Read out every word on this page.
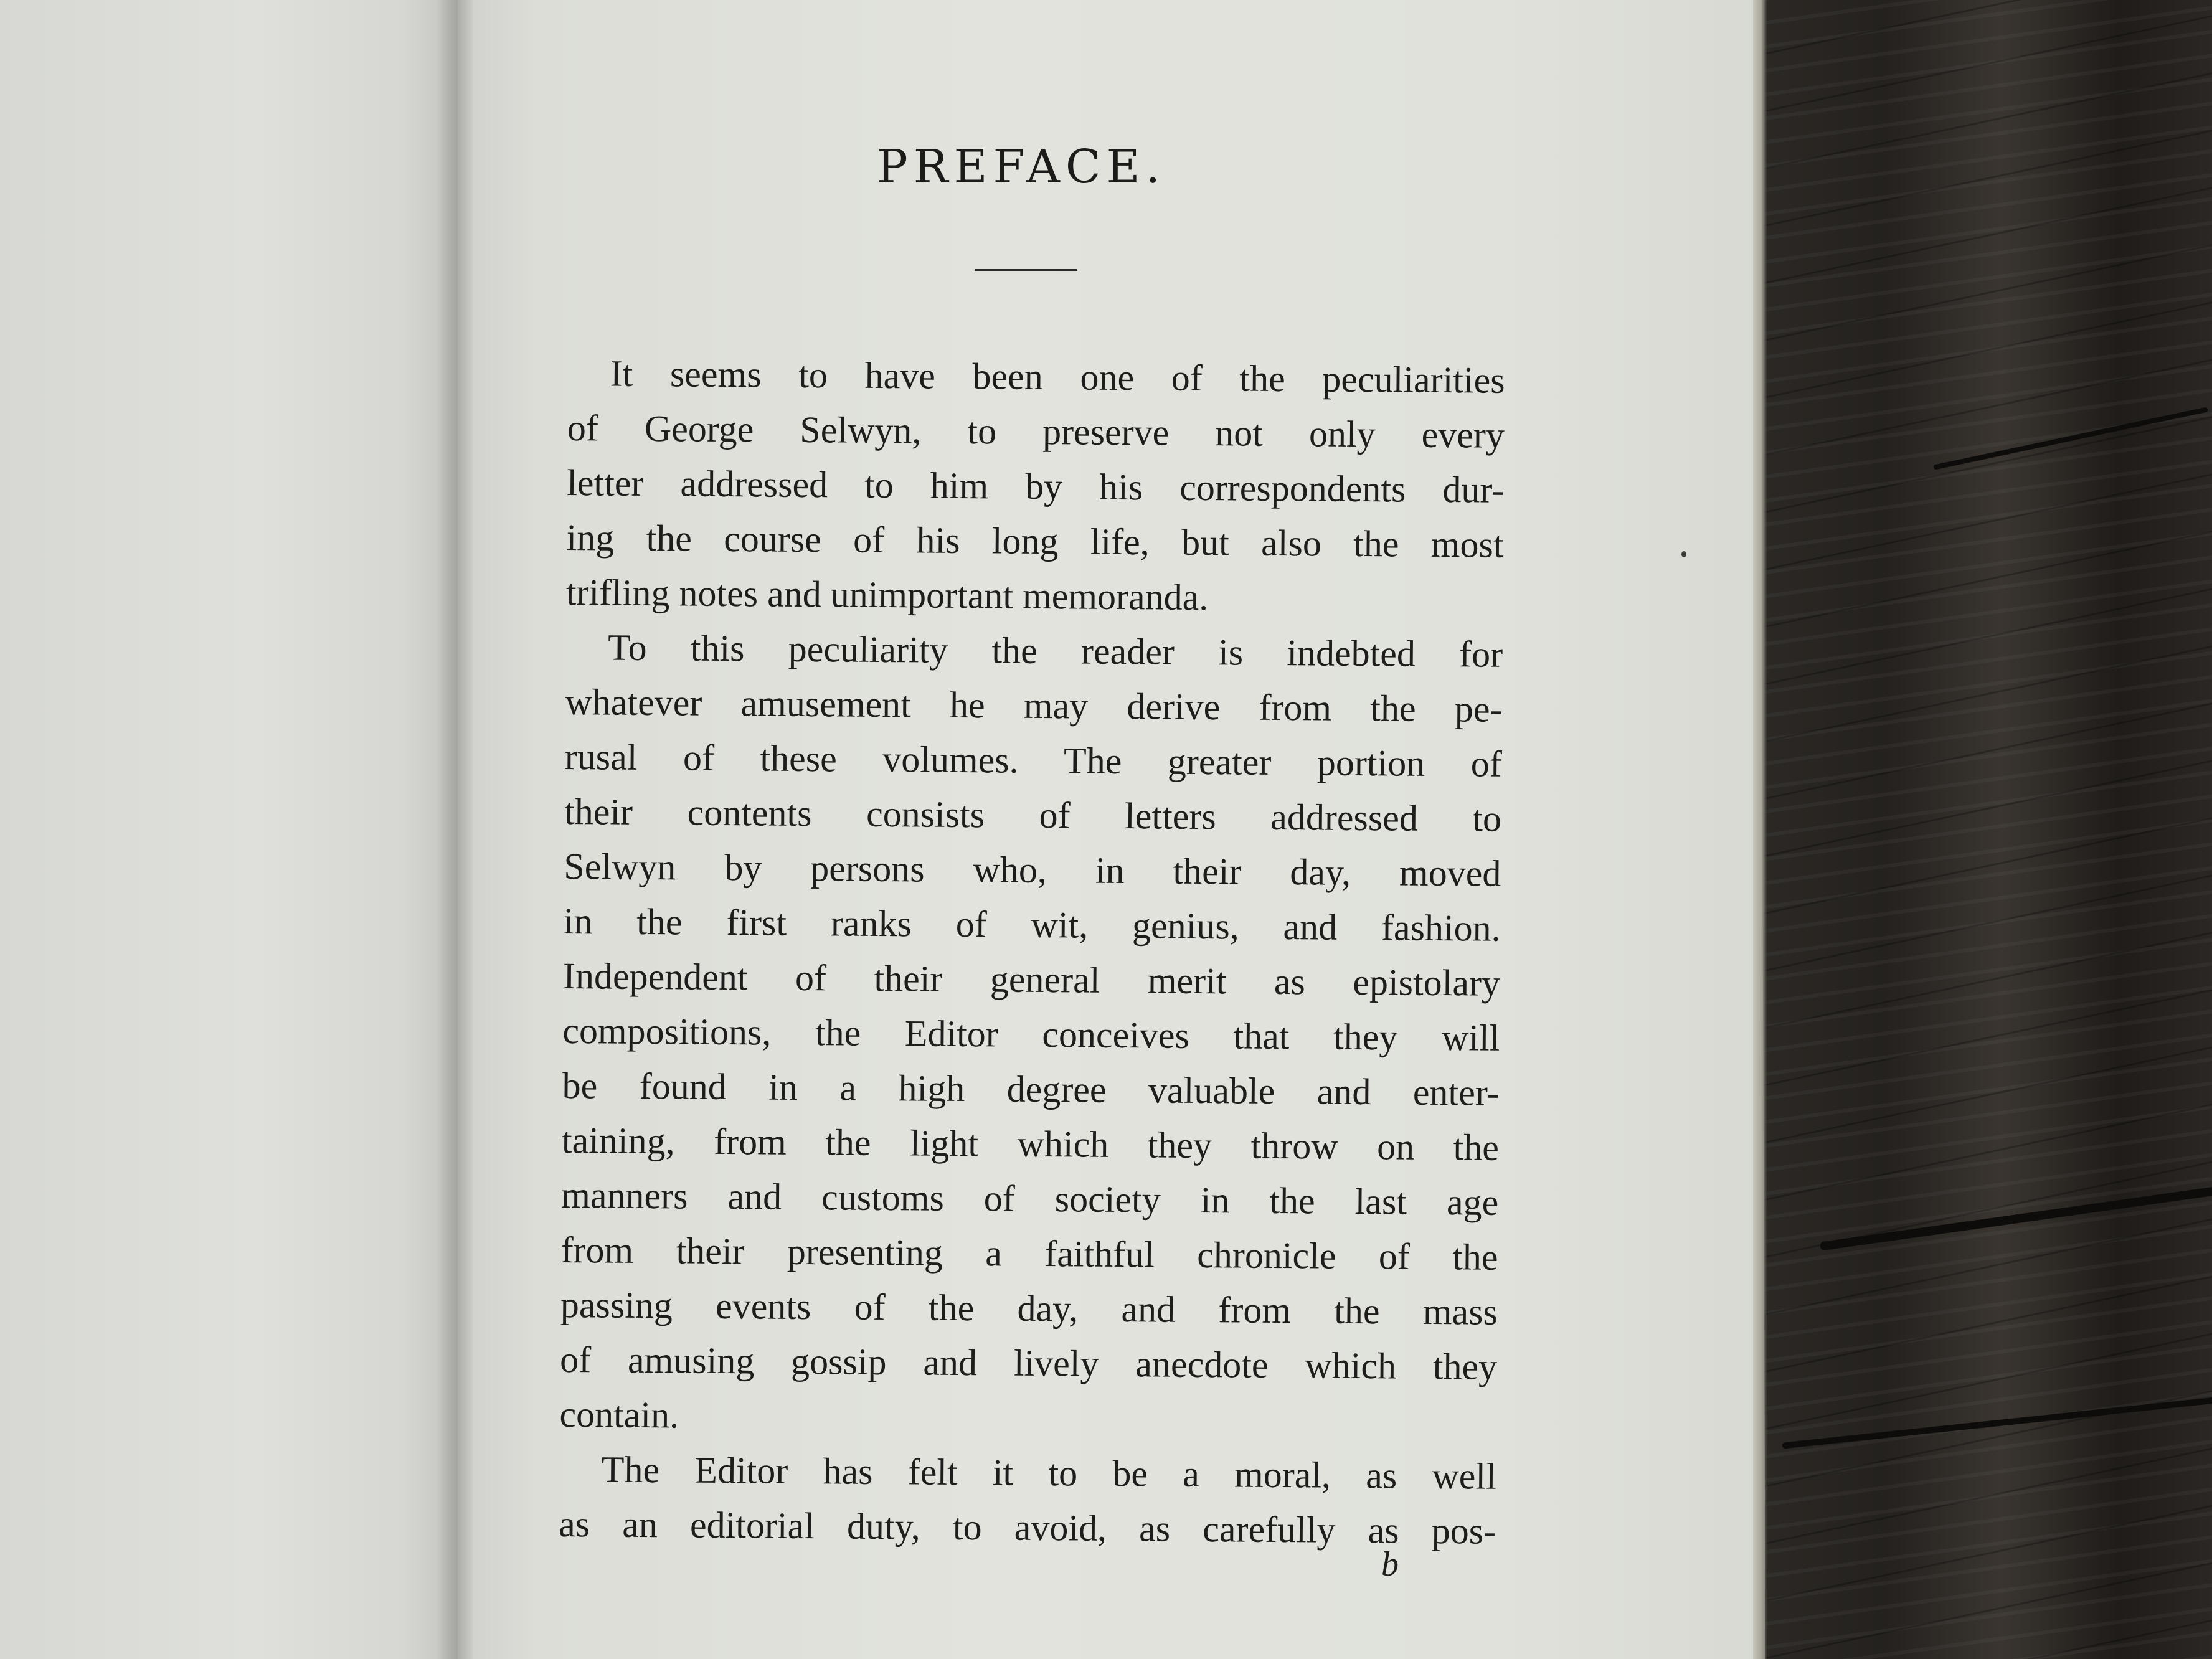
PREFACE.
It seems to have been one of the peculiarities
of George Selwyn, to preserve not only every
letter addressed to him by his correspondents dur-
ing the course of his long life, but also the most
trifling notes and unimportant memoranda.
To this peculiarity the reader is indebted for
whatever amusement he may derive from the pe-
rusal of these volumes. The greater portion of
their contents consists of letters addressed to
Selwyn by persons who, in their day, moved
in the first ranks of wit, genius, and fashion.
Independent of their general merit as epistolary
compositions, the Editor conceives that they will
be found in a high degree valuable and enter-
taining, from the light which they throw on the
manners and customs of society in the last age
from their presenting a faithful chronicle of the
passing events of the day, and from the mass
of amusing gossip and lively anecdote which they
contain.
The Editor has felt it to be a moral, as well
as an editorial duty, to avoid, as carefully as pos-
b
